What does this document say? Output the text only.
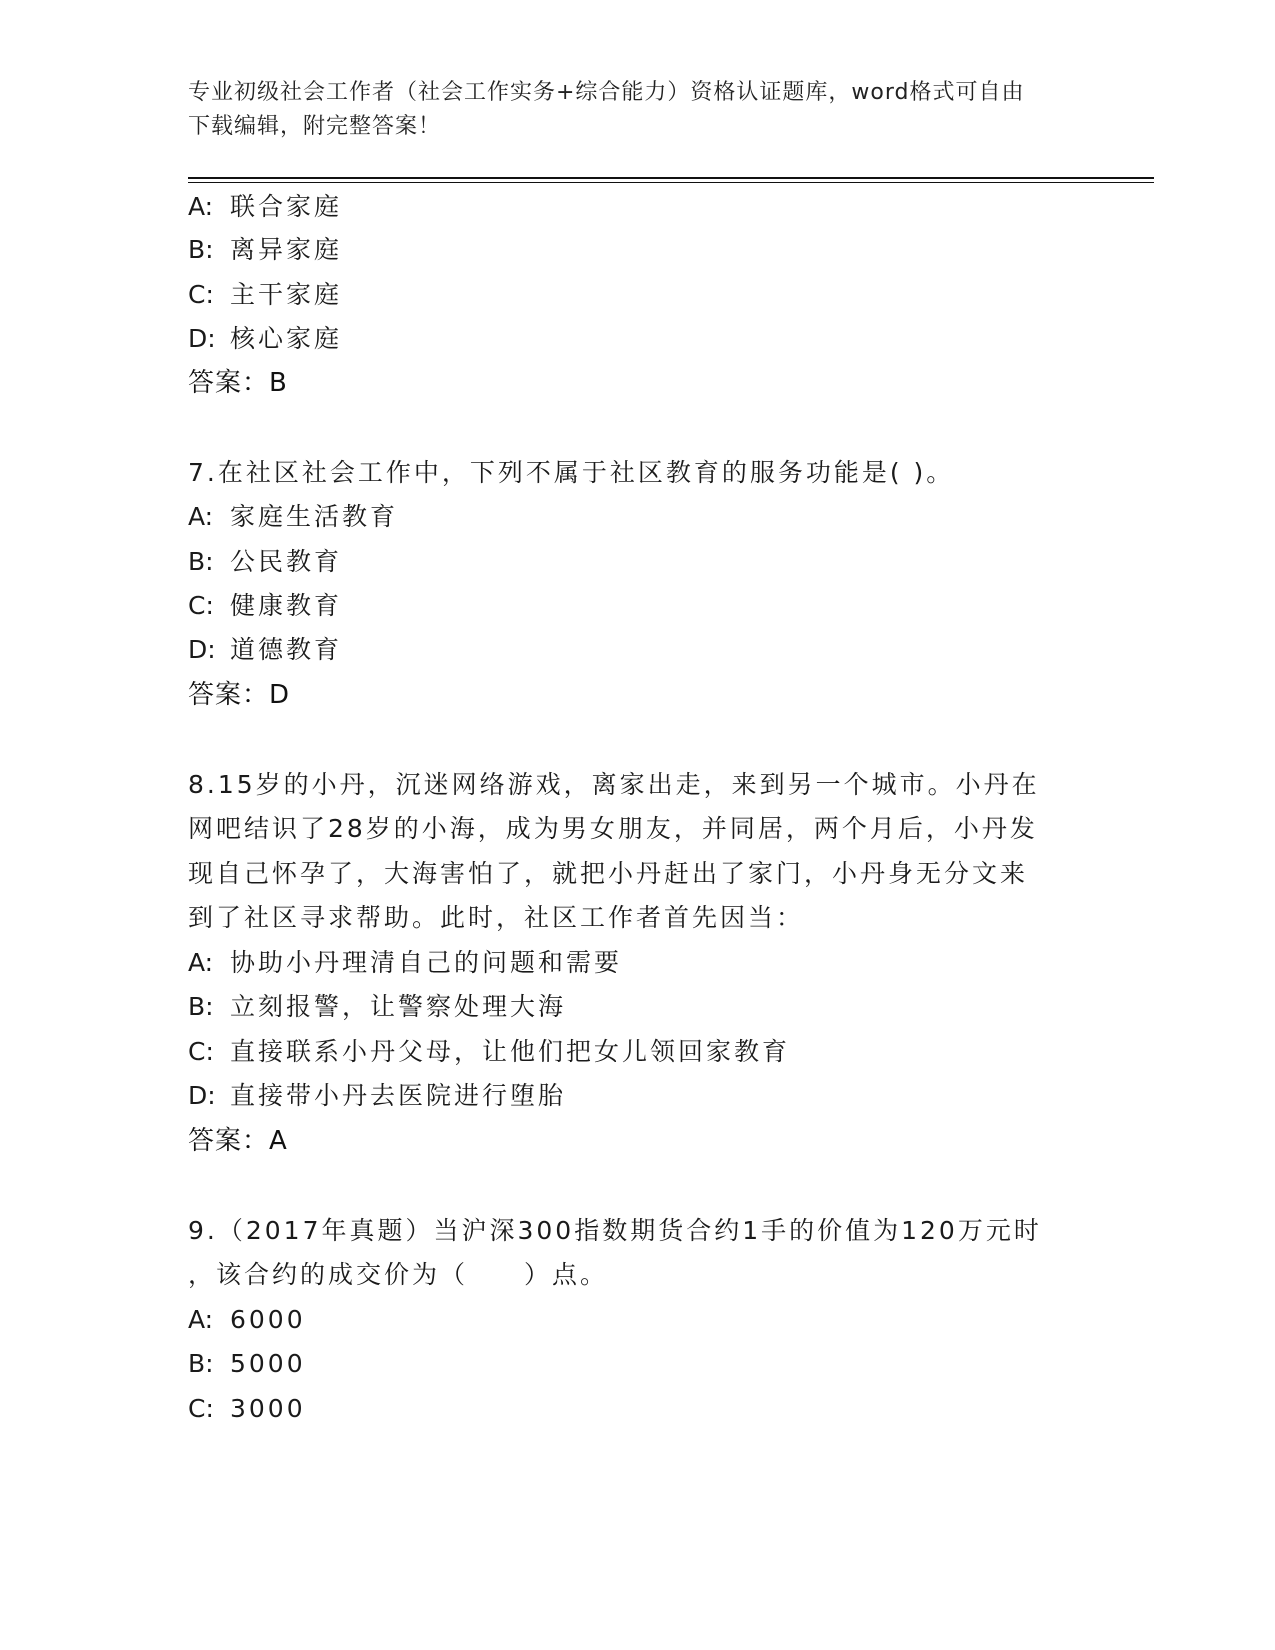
专业初级社会工作者（社会工作实务+综合能力）资格认证题库，word格式可自由
下载编辑，附完整答案！
A: 联合家庭
B: 离异家庭
C: 主干家庭
D: 核心家庭
答案：B
7.在社区社会工作中，下列不属于社区教育的服务功能是( )。
A: 家庭生活教育
B: 公民教育
C: 健康教育
D: 道德教育
答案：D
8.15岁的小丹，沉迷网络游戏，离家出走，来到另一个城市。小丹在
网吧结识了28岁的小海，成为男女朋友，并同居，两个月后，小丹发
现自己怀孕了，大海害怕了，就把小丹赶出了家门，小丹身无分文来
到了社区寻求帮助。此时，社区工作者首先因当：
A: 协助小丹理清自己的问题和需要
B: 立刻报警，让警察处理大海
C: 直接联系小丹父母，让他们把女儿领回家教育
D: 直接带小丹去医院进行堕胎
答案：A
9.（2017年真题）当沪深300指数期货合约1手的价值为120万元时
，该合约的成交价为（　　）点。
A: 6000
B: 5000
C: 3000
